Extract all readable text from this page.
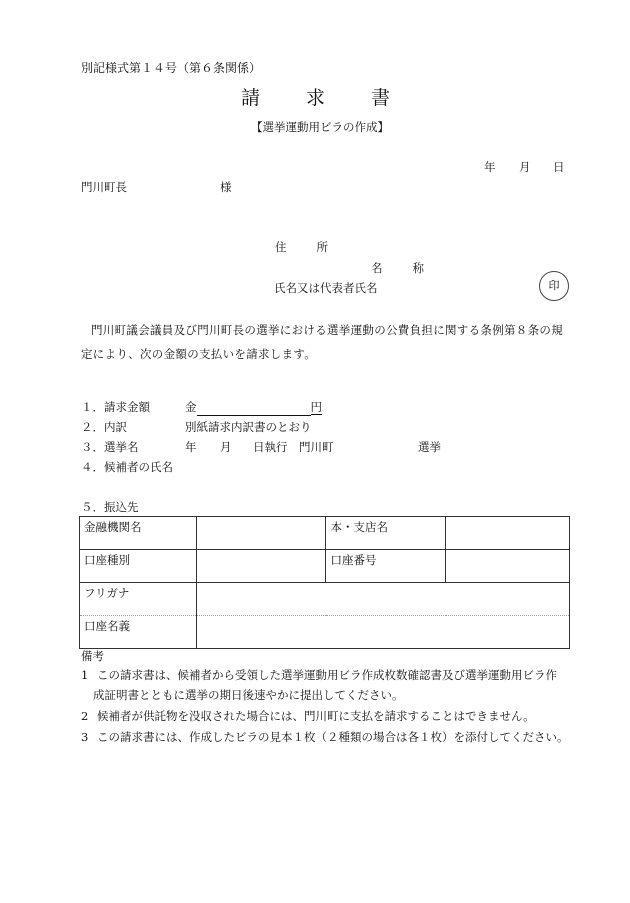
別記様式第１４号（第６条関係）
請求書
【選挙運動用ビラの作成】
年 月 日
門川町長	様
住所
名称
氏名又は代表者氏名	印
門川町議会議員及び門川町長の選挙における選挙運動の公費負担に関する条例第８条の規定により、次の金額の支払いを請求します。
１．請求金額	金	円
２．内訳	別紙請求内訳書のとおり
３．選挙名	年 月 日執行 門川町	選挙
４．候補者の氏名
５．振込先
金融機関名		本・支店名	
口座種別		口座番号	
フリガナ			
口座名義			
備考
1 この請求書は、候補者から受領した選挙運動用ビラ作成枚数確認書及び選挙運動用ビラ作
成証明書とともに選挙の期日後速やかに提出してください。
2 候補者が供託物を没収された場合には、門川町に支払を請求することはできません。
3 この請求書には、作成したビラの見本１枚（２種類の場合は各１枚）を添付してください。
